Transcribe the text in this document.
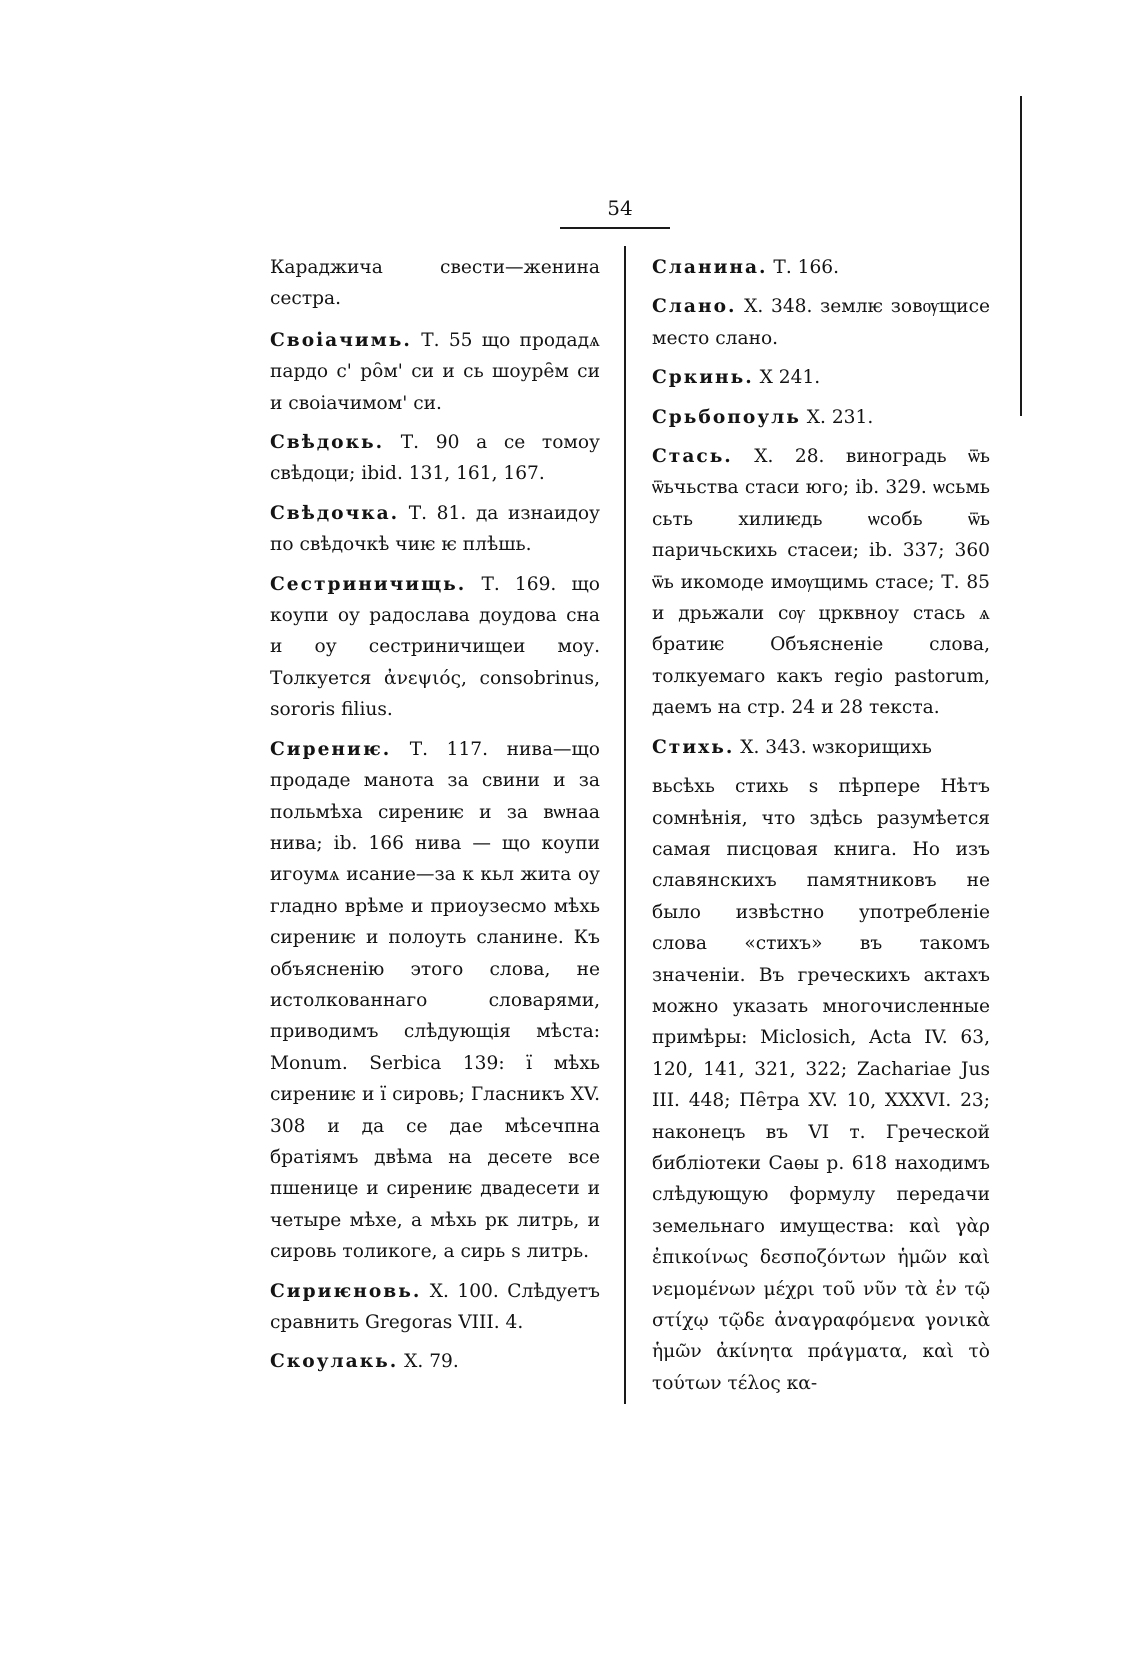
54

Караджича свести—женина сестра.

Своіачимь. Т. 55 що продадѧ пардо с' ро̑м' си и сь шоуре̑м си и своіачимом' си.

Свѣдокь. Т. 90 а се томоу свѣдоци; ibid. 131, 161, 167.

Свѣдочка. Т. 81. да изнаидоу по свѣдочкѣ чиѥ ѥ плѣшь.

Сестриничищь. Т. 169. що коупи оу радослава доудова сна и оу сестриничищеи моу. Толкуется ἀνεψιός, consobrinus, sororis filius.

Сирениѥ. Т. 117. нива—що продаде манота за свини и за польмѣха сирениѥ и за вѡнаа нива; ib. 166 нива — що коупи игоумѧ исание—за к кьл жита оу гладно врѣме и приоузесмо мѣхь сирениѥ и полоуть сланине. Къ объясненію этого слова, не истолкованнаго словарями, приводимъ слѣдующія мѣста: Monum. Serbica 139: ї мѣхь сирениѥ и ї сировь; Гласникъ XV. 308 и да се дае мѣсечпна братіямъ двѣма на десете все пшенице и сирениѥ двадесети и четыре мѣхе, а мѣхь рк литрь, и сировь толикоге, а сирь ѕ литрь.

Сириѥновь. Х. 100. Слѣдуетъ сравнить Gregoras VIII. 4.

Скоулакь. Х. 79.

Сланина. Т. 166.

Слано. Х. 348. землѥ зовѹщисе место слано.

Сркинь. Х 241.

Срьбопоуль Х. 231.

Стась. Х. 28. виноградь ѿь ѿьчьства стаси юго; ib. 329. ѡсьмь сьть хилиѥдь ѡсобь ѿь паричьскихь стасеи; ib. 337; 360 ѿь икомоде имѹщимь стасе; Т. 85 и дрьжали сѹ црквноу стась ѧ братиѥ Объясненіе слова, толкуемаго какъ regio pastorum, даемъ на стр. 24 и 28 текста.

Стихь. Х. 343. ѡзкорищихь

вьсѣхь стихь ѕ пѣрпере Нѣтъ сомнѣнія, что здѣсь разумѣется самая писцовая книга. Но изъ славянскихъ памятниковъ не было извѣстно употребленіе слова «стихъ» въ такомъ значеніи. Въ греческихъ актахъ можно указать многочисленные примѣры: Miclosich, Acta IV. 63, 120, 141, 321, 322; Zachariae Jus III. 448; Пе̑тра XV. 10, XXXVI. 23; наконецъ въ VI т. Греческой библіотеки Саѳы р. 618 находимъ слѣдующую формулу передачи земельнаго имущества: καὶ γὰρ ἐπικοίνως δεσποζόντων ἡμῶν καὶ νεμομένων μέχρι τοῦ νῦν τὰ ἐν τῷ στίχῳ τῷδε ἀναγραφόμενα γονικὰ ἡμῶν ἀκίνητα πράγματα, καὶ τὸ τούτων τέλος κα-
